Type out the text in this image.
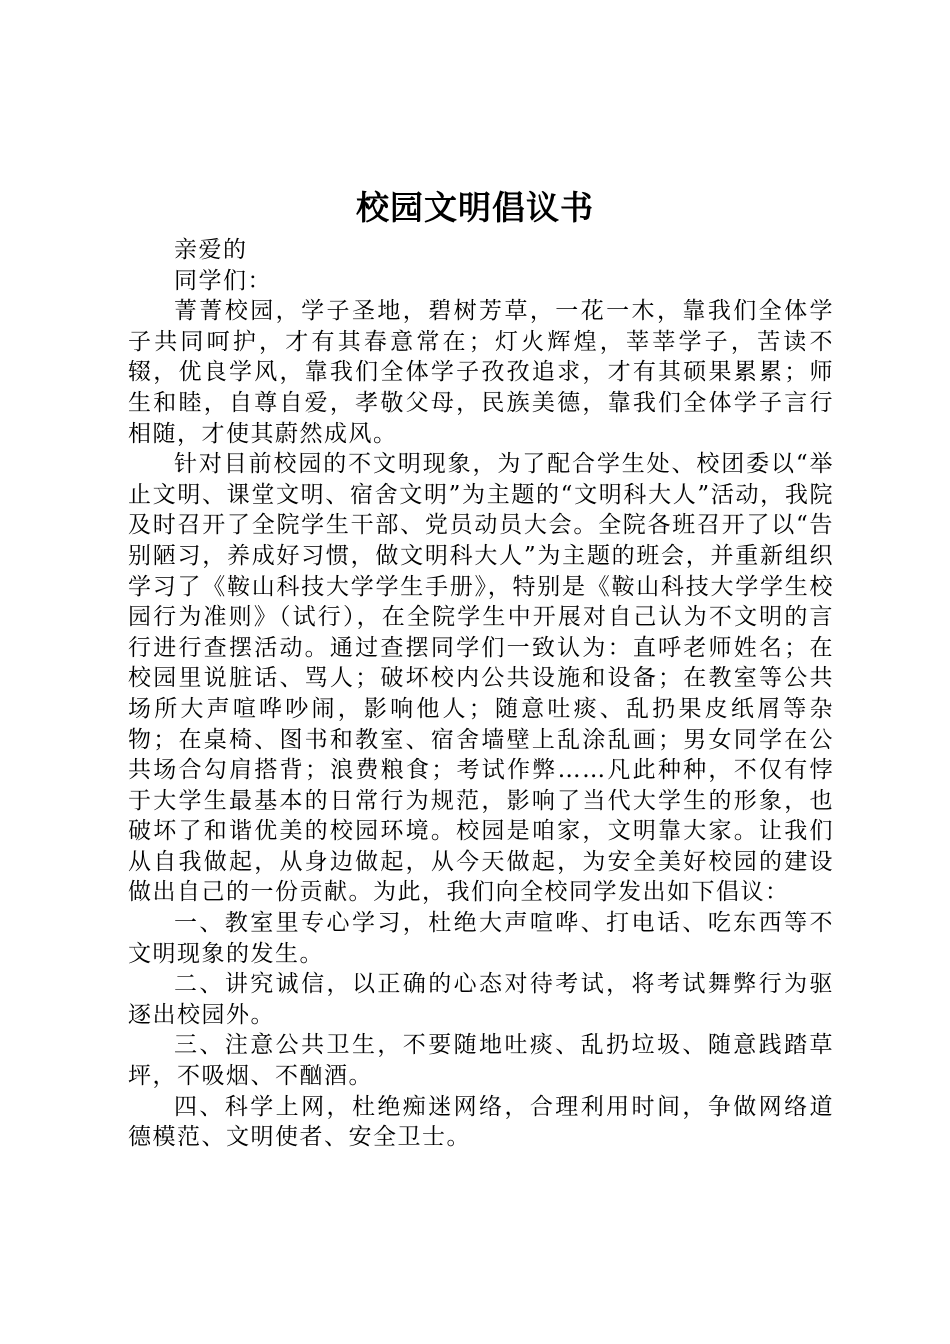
校园文明倡议书

亲爱的

同学们：

菁菁校园，学子圣地，碧树芳草，一花一木，靠我们全体学子共同呵护，才有其春意常在；灯火辉煌，莘莘学子，苦读不辍，优良学风，靠我们全体学子孜孜追求，才有其硕果累累；师生和睦，自尊自爱，孝敬父母，民族美德，靠我们全体学子言行相随，才使其蔚然成风。

针对目前校园的不文明现象，为了配合学生处、校团委以“举止文明、课堂文明、宿舍文明”为主题的“文明科大人”活动，我院及时召开了全院学生干部、党员动员大会。全院各班召开了以“告别陋习，养成好习惯，做文明科大人”为主题的班会，并重新组织学习了《鞍山科技大学学生手册》，特别是《鞍山科技大学学生校园行为准则》（试行），在全院学生中开展对自己认为不文明的言行进行查摆活动。通过查摆同学们一致认为：直呼老师姓名；在校园里说脏话、骂人；破坏校内公共设施和设备；在教室等公共场所大声喧哗吵闹，影响他人；随意吐痰、乱扔果皮纸屑等杂物；在桌椅、图书和教室、宿舍墙壁上乱涂乱画；男女同学在公共场合勾肩搭背；浪费粮食；考试作弊……凡此种种，不仅有悖于大学生最基本的日常行为规范，影响了当代大学生的形象，也破坏了和谐优美的校园环境。校园是咱家，文明靠大家。让我们从自我做起，从身边做起，从今天做起，为安全美好校园的建设做出自己的一份贡献。为此，我们向全校同学发出如下倡议：

一、教室里专心学习，杜绝大声喧哗、打电话、吃东西等不文明现象的发生。

二、讲究诚信，以正确的心态对待考试，将考试舞弊行为驱逐出校园外。

三、注意公共卫生，不要随地吐痰、乱扔垃圾、随意践踏草坪，不吸烟、不酗酒。

四、科学上网，杜绝痴迷网络，合理利用时间，争做网络道德模范、文明使者、安全卫士。
